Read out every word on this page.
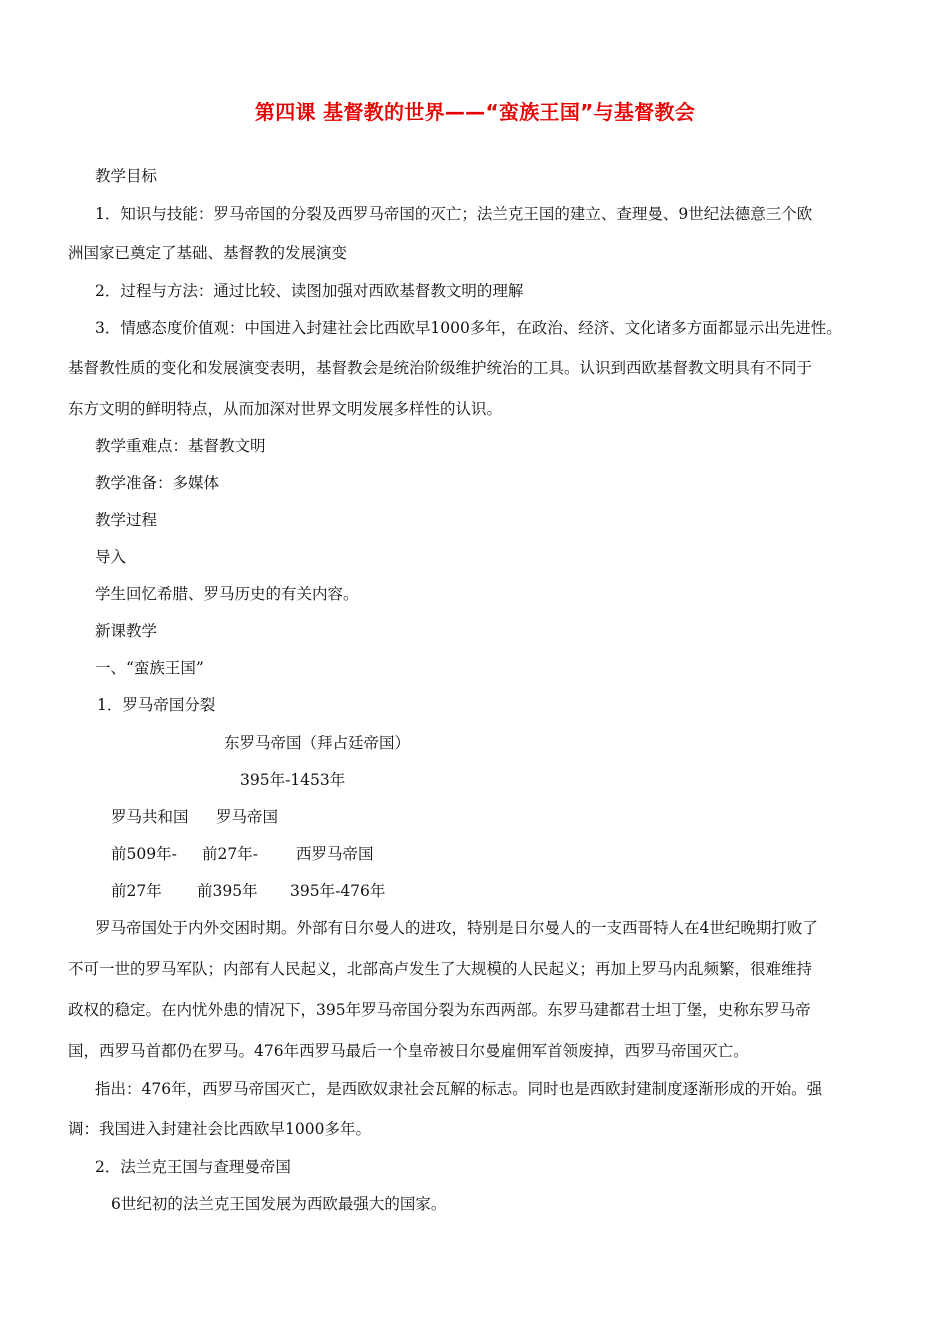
第四课 基督教的世界——“蛮族王国”与基督教会
教学目标
1．知识与技能：罗马帝国的分裂及西罗马帝国的灭亡；法兰克王国的建立、查理曼、9世纪法德意三个欧
洲国家已奠定了基础、基督教的发展演变
2．过程与方法：通过比较、读图加强对西欧基督教文明的理解
3．情感态度价值观：中国进入封建社会比西欧早1000多年，在政治、经济、文化诸多方面都显示出先进性。
基督教性质的变化和发展演变表明，基督教会是统治阶级维护统治的工具。认识到西欧基督教文明具有不同于
东方文明的鲜明特点，从而加深对世界文明发展多样性的认识。
教学重难点：基督教文明
教学准备：多媒体
教学过程
导入
学生回忆希腊、罗马历史的有关内容。
新课教学
一、“蛮族王国”
1．罗马帝国分裂
东罗马帝国（拜占廷帝国）
395年-1453年
罗马共和国 罗马帝国
前509年- 前27年- 西罗马帝国
前27年 前395年 395年-476年
罗马帝国处于内外交困时期。外部有日尔曼人的进攻，特别是日尔曼人的一支西哥特人在4世纪晚期打败了
不可一世的罗马军队；内部有人民起义，北部高卢发生了大规模的人民起义；再加上罗马内乱频繁，很难维持
政权的稳定。在内忧外患的情况下，395年罗马帝国分裂为东西两部。东罗马建都君士坦丁堡，史称东罗马帝
国，西罗马首都仍在罗马。476年西罗马最后一个皇帝被日尔曼雇佣军首领废掉，西罗马帝国灭亡。
指出：476年，西罗马帝国灭亡，是西欧奴隶社会瓦解的标志。同时也是西欧封建制度逐渐形成的开始。强
调：我国进入封建社会比西欧早1000多年。
2．法兰克王国与查理曼帝国
6世纪初的法兰克王国发展为西欧最强大的国家。
